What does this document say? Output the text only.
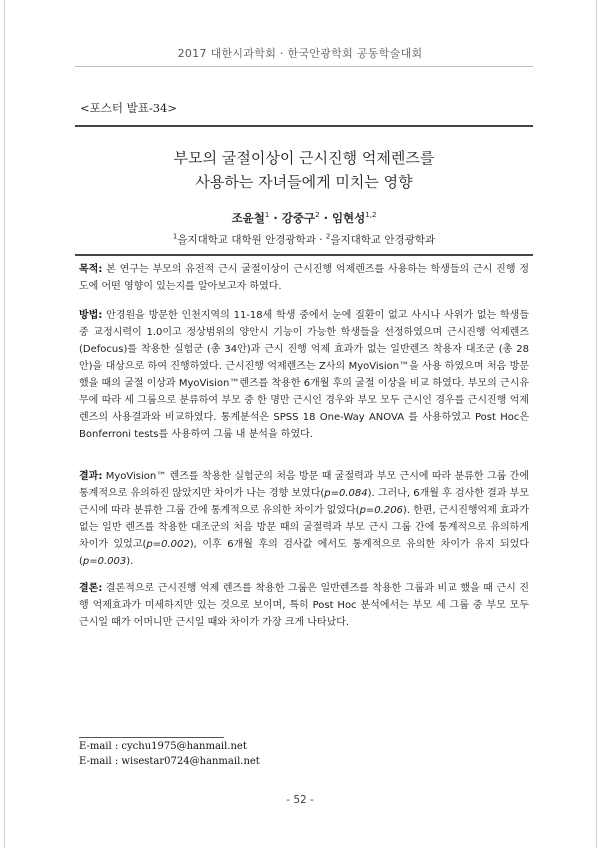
2017 대한시과학회 · 한국안광학회 공동학술대회
<포스터 발표-34>
부모의 굴절이상이 근시진행 억제렌즈를
사용하는 자녀들에게 미치는 영향
조윤철$^1$ · 강중구$^2$ · 임현성$^{1,2}$
$^1$을지대학교 대학원 안경광학과 · $^2$을지대학교 안경광학과
목적: 본 연구는 부모의 유전적 근시 굴절이상이 근시진행 억제렌즈를 사용하는 학생들의 근시 진행 정도에 어떤 영향이 있는지를 알아보고자 하였다.
방법: 안경원을 방문한 인천지역의 11-18세 학생 중에서 눈에 질환이 없고 사시나 사위가 없는 학생들 중 교정시력이 1.0이고 정상범위의 양안시 기능이 가능한 학생들을 선정하였으며 근시진행 억제렌즈(Defocus)를 착용한 실험군 (총 34안)과 근시 진행 억제 효과가 없는 일반렌즈 착용자 대조군 (총 28안)을 대상으로 하여 진행하였다. 근시진행 억제렌즈는 Z사의 MyoVision™을 사용 하였으며 처음 방문했을 때의 굴절 이상과 MyoVision™렌즈를 착용한 6개월 후의 굴절 이상을 비교 하였다. 부모의 근시유무에 따라 세 그룹으로 분류하여 부모 중 한 명만 근시인 경우와 부모 모두 근시인 경우를 근시진행 억제 렌즈의 사용결과와 비교하였다. 통계분석은 SPSS 18 One-Way ANOVA 를 사용하였고 Post Hoc은 Bonferroni tests를 사용하여 그룹 내 분석을 하였다.
결과: MyoVision™ 렌즈를 착용한 실험군의 처음 방문 때 굴절력과 부모 근시에 따라 분류한 그룹 간에 통계적으로 유의하진 않았지만 차이가 나는 경향 보였다(p=0.084). 그러나, 6개월 후 검사한 결과 부모 근시에 따라 분류한 그룹 간에 통계적으로 유의한 차이가 없었다(p=0.206). 한편, 근시진행억제 효과가 없는 일반 렌즈를 착용한 대조군의 처음 방문 때의 굴절력과 부모 근시 그룹 간에 통계적으로 유의하게 차이가 있었고(p=0.002), 이후 6개월 후의 검사값 에서도 통계적으로 유의한 차이가 유지 되었다(p=0.003).
결론: 결론적으로 근시진행 억제 렌즈를 착용한 그룹은 일반렌즈를 착용한 그룹과 비교 했을 때 근시 진행 억제효과가 미세하지만 있는 것으로 보이며, 특히 Post Hoc 분석에서는 부모 세 그룹 중 부모 모두 근시일 때가 어머니만 근시일 때와 차이가 가장 크게 나타났다.
E-mail : cychu1975@hanmail.net
E-mail : wisestar0724@hanmail.net
- 52 -
